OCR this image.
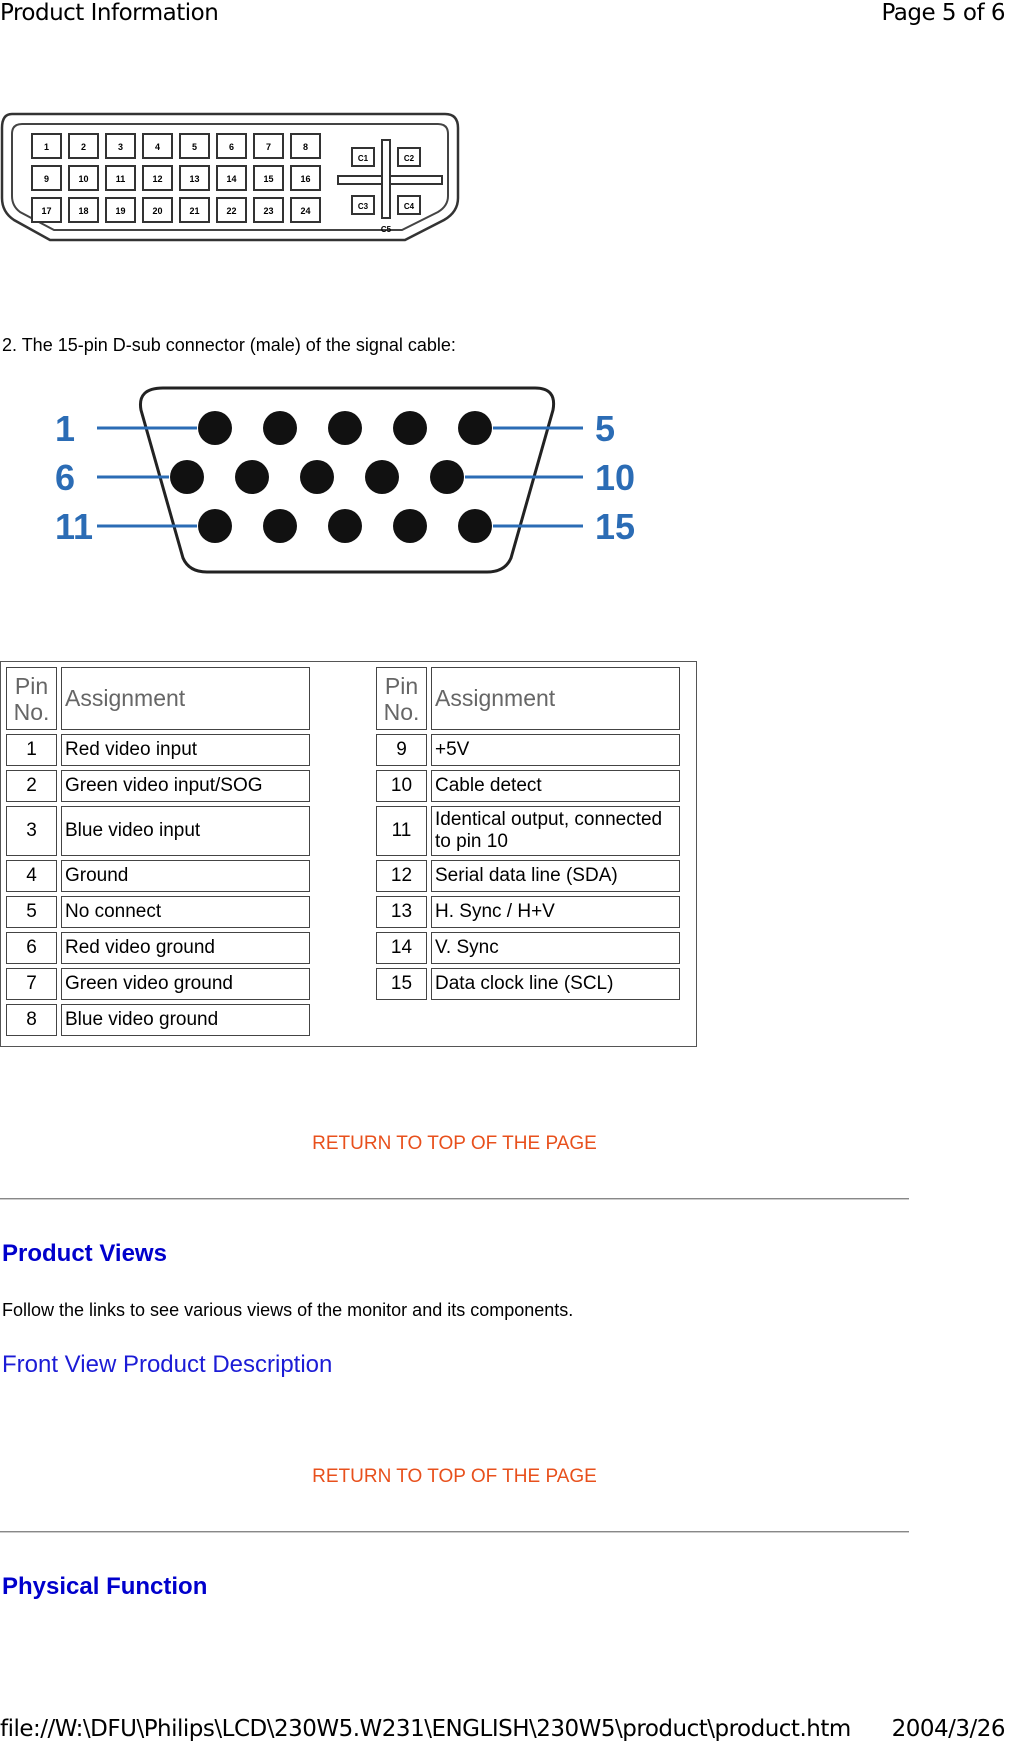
Product Information	Page 5 of 6
1	2	3	4	5	6	7	8
9	10	11	12	13	14	15	16
17	18	19	20	21	22	23	24
C1	C2
C3	C4
C5
2. The 15-pin D-sub connector (male) of the signal cable:
1	5
6	10
11	15
Pin No.	Assignment		Pin No.	Assignment
1	Red video input		9	+5V
2	Green video input/SOG		10	Cable detect
3	Blue video input		11	Identical output, connected to pin 10
4	Ground		12	Serial data line (SDA)
5	No connect		13	H. Sync / H+V
6	Red video ground		14	V. Sync
7	Green video ground		15	Data clock line (SCL)
8	Blue video ground			
RETURN TO TOP OF THE PAGE
Product Views
Follow the links to see various views of the monitor and its components.
Front View Product Description
RETURN TO TOP OF THE PAGE
Physical Function
file://W:\DFU\Philips\LCD\230W5.W231\ENGLISH\230W5\product\product.htm 2004/3/26
